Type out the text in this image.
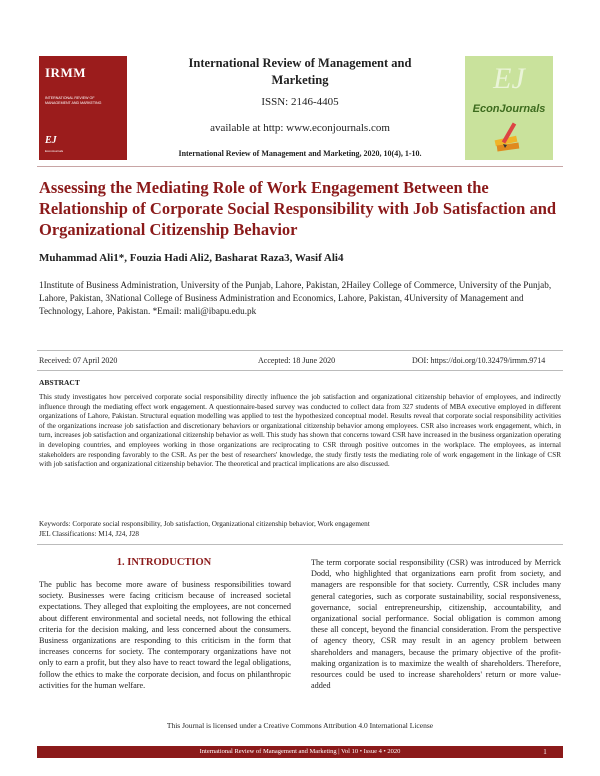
IRMM
INTERNATIONAL REVIEW OF MANAGEMENT AND MARKETING
EJ
EconJournals
International Review of Management and Marketing
ISSN: 2146-4405
available at http: www.econjournals.com
International Review of Management and Marketing, 2020, 10(4), 1-10.
EJ
EconJournals
Assessing the Mediating Role of Work Engagement Between the Relationship of Corporate Social Responsibility with Job Satisfaction and Organizational Citizenship Behavior
Muhammad Ali1*, Fouzia Hadi Ali2, Basharat Raza3, Wasif Ali4
1Institute of Business Administration, University of the Punjab, Lahore, Pakistan, 2Hailey College of Commerce, University of the Punjab, Lahore, Pakistan, 3National College of Business Administration and Economics, Lahore, Pakistan, 4University of Management and Technology, Lahore, Pakistan. *Email: mali@ibapu.edu.pk
Received: 07 April 2020	Accepted: 18 June 2020	DOI: https://doi.org/10.32479/irmm.9714
ABSTRACT
This study investigates how perceived corporate social responsibility directly influence the job satisfaction and organizational citizenship behavior of employees, and indirectly influence through the mediating effect work engagement. A questionnaire-based survey was conducted to collect data from 327 students of MBA executive employed in different organizations of Lahore, Pakistan. Structural equation modelling was applied to test the hypothesized conceptual model. Results reveal that corporate social responsibility activities of the organizations increase job satisfaction and discretionary behaviors or organizational citizenship behavior among employees. CSR also increases work engagement, which, in turn, increases job satisfaction and organizational citizenship behavior as well. This study has shown that concerns toward CSR have increased in the business organization operating in developing countries, and employees working in those organizations are reciprocating to CSR through positive outcomes in the workplace. The employees, as internal stakeholders are responding favorably to the CSR. As per the best of researchers' knowledge, the study firstly tests the mediating role of work engagement in the linkage of CSR with job satisfaction and organizational citizenship behavior. The theoretical and practical implications are also discussed.
Keywords: Corporate social responsibility, Job satisfaction, Organizational citizenship behavior, Work engagement
JEL Classifications: M14, J24, J28
1. INTRODUCTION
The public has become more aware of business responsibilities toward society. Businesses were facing criticism because of increased societal expectations. They alleged that exploiting the employees, are not concerned about different environmental and societal needs, not following the ethical criteria for the decision making, and less concerned about the consumers. Business organizations are responding to this criticism in the form that increases concerns for society. The contemporary organizations have not only to earn a profit, but they also have to react toward the legal obligations, follow the ethics to make the corporate decision, and focus on philanthropic activities for the human welfare.
The term corporate social responsibility (CSR) was introduced by Merrick Dodd, who highlighted that organizations earn profit from society, and managers are responsible for that society. Currently, CSR includes many general categories, such as corporate sustainability, social responsiveness, governance, social entrepreneurship, citizenship, accountability, and organizational social performance. Social obligation is common among these all concept, beyond the financial consideration. From the perspective of agency theory, CSR may result in an agency problem between shareholders and managers, because the primary objective of the profit-making organization is to maximize the wealth of shareholders. Therefore, resources could be used to increase shareholders' return or more value-added
This Journal is licensed under a Creative Commons Attribution 4.0 International License
International Review of Management and Marketing | Vol 10 • Issue 4 • 2020	1
